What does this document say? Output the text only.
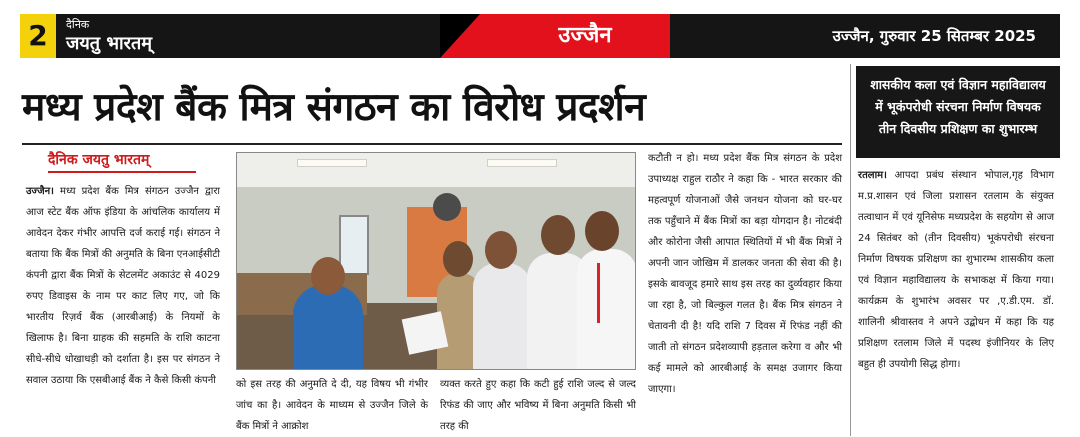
2	दैनिक
जयतु भारतम्	उज्जैन	उज्जैन, गुरुवार 25 सितम्बर 2025
मध्य प्रदेश बैंक मित्र संगठन का विरोध प्रदर्शन
दैनिक जयतु भारतम्

उज्जैन। मध्य प्रदेश बैंक मित्र संगठन उज्जैन द्वारा आज स्टेट बैंक ऑफ इंडिया के आंचलिक कार्यालय में आवेदन देकर गंभीर आपत्ति दर्ज कराई गई। संगठन ने बताया कि बैंक मित्रों की अनुमति के बिना एनआईसीटी कंपनी द्वारा बैंक मित्रों के सेटलमेंट अकाउंट से 4029 रुपए डिवाइस के नाम पर काट लिए गए, जो कि भारतीय रिज़र्व बैंक (आरबीआई) के नियमों के खिलाफ है। बिना ग्राहक की सहमति के राशि काटना सीधे-सीधे धोखाधड़ी को दर्शाता है। इस पर संगठन ने सवाल उठाया कि एसबीआई बैंक ने कैसे किसी कंपनी	को इस तरह की अनुमति दे दी, यह विषय भी गंभीर जांच का है। आवेदन के माध्यम से उज्जैन जिले के बैंक मित्रों ने आक्रोश

व्यक्त करते हुए कहा कि कटी हुई राशि जल्द से जल्द रिफंड की जाए और भविष्य में बिना अनुमति किसी भी तरह की

कटौती न हो। मध्य प्रदेश बैंक मित्र संगठन के प्रदेश उपाध्यक्ष राहुल राठौर ने कहा कि - भारत सरकार की महत्वपूर्ण योजनाओं जैसे जनधन योजना को घर-घर तक पहुँचाने में बैंक मित्रों का बड़ा योगदान है। नोटबंदी और कोरोना जैसी आपात स्थितियों में भी बैंक मित्रों ने अपनी जान जोखिम में डालकर जनता की सेवा की है। इसके बावजूद हमारे साथ इस तरह का दुर्व्यवहार किया जा रहा है, जो बिल्कुल गलत है। बैंक मित्र संगठन ने चेतावनी दी है! यदि राशि 7 दिवस में रिफंड नहीं की जाती तो संगठन प्रदेशव्यापी हड़ताल करेगा व और भी कई मामले को आरबीआई के समक्ष उजागर किया जाएगा।

शासकीय कला एवं विज्ञान महाविद्यालय
में भूकंपरोधी संरचना निर्माण विषयक
तीन दिवसीय प्रशिक्षण का शुभारम्भ

रतलाम। आपदा प्रबंध संस्थान भोपाल,गृह विभाग म.प्र.शासन एवं जिला प्रशासन रतलाम के संयुक्त तत्वाधान में एवं यूनिसेफ मध्यप्रदेश के सहयोग से आज 24 सितंबर को (तीन दिवसीय) भूकंपरोधी संरचना निर्माण विषयक प्रशिक्षण का शुभारम्भ शासकीय कला एवं विज्ञान महाविद्यालय के सभाकक्ष में किया गया। कार्यक्रम के शुभारंभ अवसर पर ,ए.डी.एम. डॉ. शालिनी श्रीवास्तव ने अपने उद्बोधन में कहा कि यह प्रशिक्षण रतलाम जिले में पदस्थ इंजीनियर के लिए बहुत ही उपयोगी सिद्ध होगा।
